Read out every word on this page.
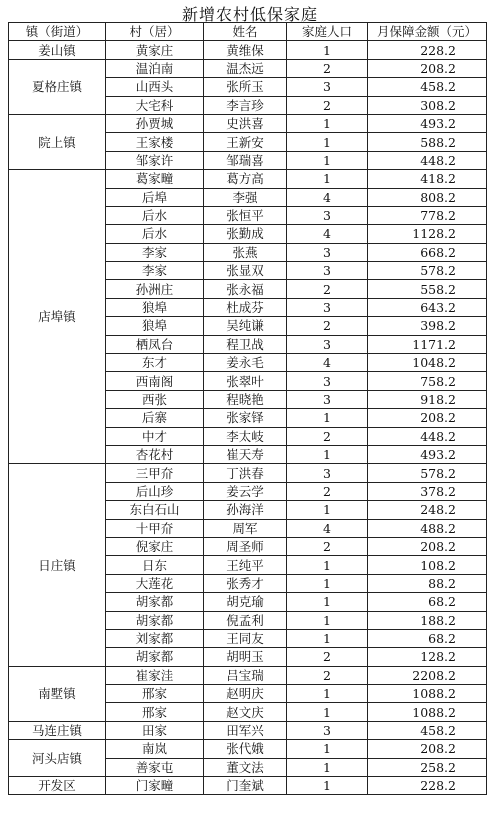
新增农村低保家庭
镇（街道）	村（居）	姓名	家庭人口	月保障金额（元）
姜山镇	黄家庄	黄维保	1	228.2
夏格庄镇	温泊南	温杰远	2	208.2
	山西头	张所玉	3	458.2
	大宅科	李言珍	2	308.2
院上镇	孙贾城	史洪喜	1	493.2
	王家楼	王新安	1	588.2
	邹家许	邹瑞喜	1	448.2
店埠镇	葛家疃	葛方高	1	418.2
	后埠	李强	4	808.2
	后水	张恒平	3	778.2
	后水	张勤成	4	1128.2
	李家	张燕	3	668.2
	李家	张显双	3	578.2
	孙洲庄	张永福	2	558.2
	狼埠	杜成芬	3	643.2
	狼埠	吴纯谦	2	398.2
	栖凤台	程卫战	3	1171.2
	东才	姜永毛	4	1048.2
	西南阁	张翠叶	3	758.2
	西张	程晓艳	3	918.2
	后寨	张家铎	1	208.2
	中才	李太岐	2	448.2
	杏花村	崔天寿	1	493.2
日庄镇	三甲夼	丁洪春	3	578.2
	后山珍	姜云学	2	378.2
	东白石山	孙海洋	1	248.2
	十甲夼	周军	4	488.2
	倪家庄	周圣师	2	208.2
	日东	王纯平	1	108.2
	大莲花	张秀才	1	88.2
	胡家都	胡克瑜	1	68.2
	胡家都	倪孟利	1	188.2
	刘家都	王同友	1	68.2
	胡家都	胡明玉	2	128.2
南墅镇	崔家洼	吕宝瑞	2	2208.2
	邢家	赵明庆	1	1088.2
	邢家	赵文庆	1	1088.2
马连庄镇	田家	田军兴	3	458.2
河头店镇	南岚	张代娥	1	208.2
	善家屯	董文法	1	258.2
开发区	门家疃	门奎斌	1	228.2
